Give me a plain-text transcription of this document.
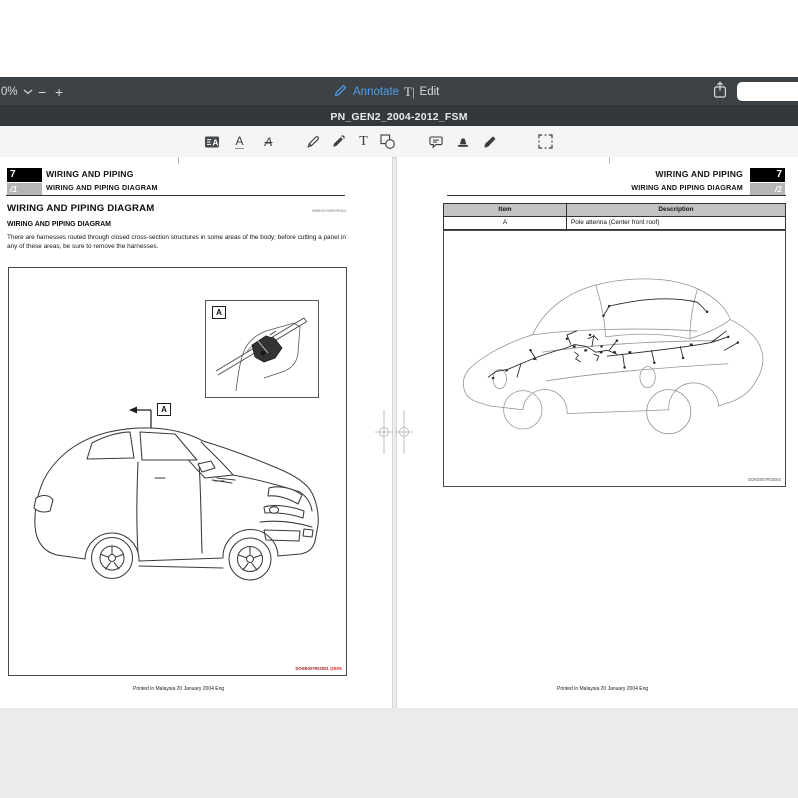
0% − +	Annotate T| Edit
PN_GEN2_2004-2012_FSM
A A A	T
7
/1
WIRING AND PIPING
WIRING AND PIPING DIAGRAM
WIRING AND PIPING DIAGRAM	W8R007WPIPE004
WIRING AND PIPING DIAGRAM
There are harnesses routed through closed cross-section structures in some areas of the body; before cutting a panel in any of these areas, be sure to remove the harnesses.
A
A
DOKB007R03001 @93%
Printed in Malaysia 20 January 2004 Eng
WIRING AND PIPING
WIRING AND PIPING DIAGRAM
7
/2
Item	Description
A	Pole attenna (Center front roof)
DOKB007R03002
Printed in Malaysia 20 January 2004 Eng
